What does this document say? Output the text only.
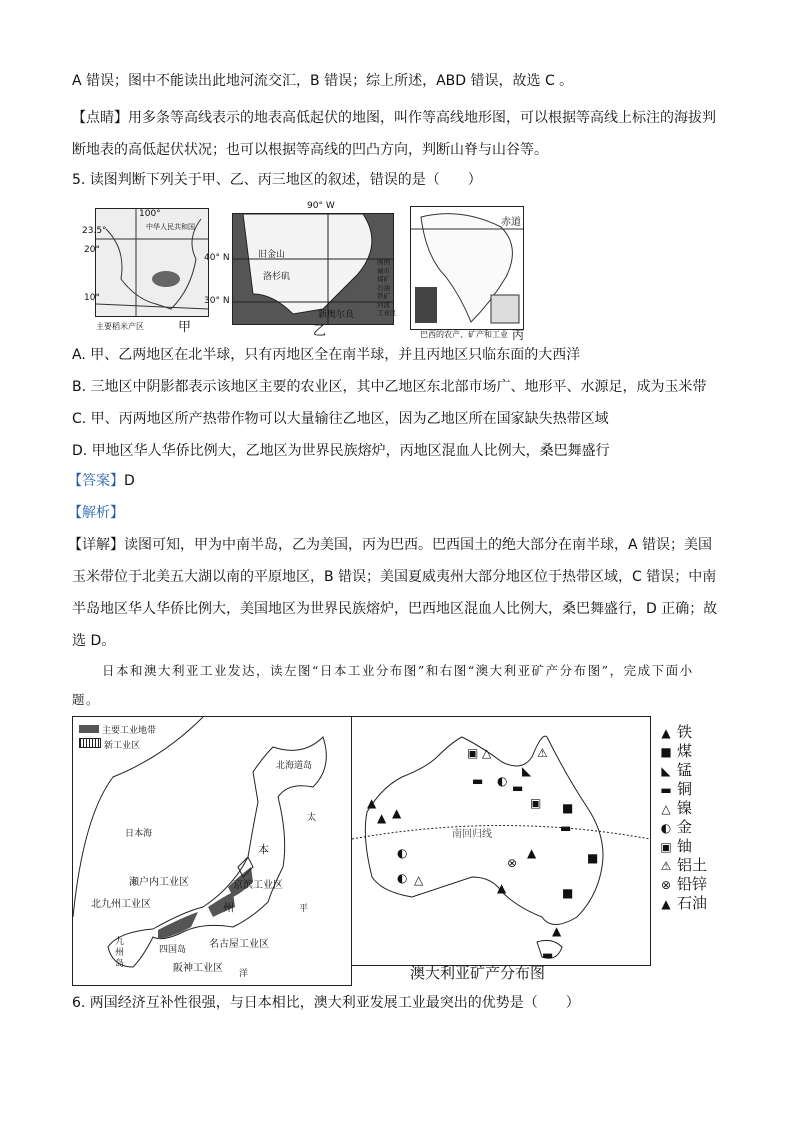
A 错误；图中不能读出此地河流交汇，B 错误；综上所述，ABD 错误，故选 C 。
【点睛】用多条等高线表示的地表高低起伏的地图，叫作等高线地形图，可以根据等高线上标注的海拔判
断地表的高低起伏状况；也可以根据等高线的凹凸方向，判断山脊与山谷等。
5. 读图判断下列关于甲、乙、丙三地区的叙述，错误的是（　　）
100°
中华人民共和国
23.5°
20°
10°
主要稻米产区	甲
旧金山
洛杉矶
新奥尔良
90° W
40° N
30° N
图例
城市
煤矿
石油
铁矿
河流
工业区
乙
赤道
巴西的农产、矿产和工业 丙
A. 甲、乙两地区在北半球，只有丙地区全在南半球，并且丙地区只临东面的大西洋
B. 三地区中阴影都表示该地区主要的农业区，其中乙地区东北部市场广、地形平、水源足，成为玉米带
C. 甲、丙两地区所产热带作物可以大量输往乙地区，因为乙地区所在国家缺失热带区域
D. 甲地区华人华侨比例大，乙地区为世界民族熔炉，丙地区混血人比例大，桑巴舞盛行
【答案】D
【解析】
【详解】读图可知，甲为中南半岛，乙为美国，丙为巴西。巴西国土的绝大部分在南半球，A 错误；美国
玉米带位于北美五大湖以南的平原地区，B 错误；美国夏威夷州大部分地区位于热带区域，C 错误；中南
半岛地区华人华侨比例大，美国地区为世界民族熔炉，巴西地区混血人比例大，桑巴舞盛行，D 正确；故
选 D。
日本和澳大利亚工业发达，读左图“日本工业分布图”和右图“澳大利亚矿产分布图”，完成下面小
题。
主要工业地带
新工业区
北海道岛
日本海
本
州
太
平
洋
瀬户内工业区	京滨工业区
北九州工业区
九州岛
四国岛 名古屋工业区
阪神工业区
▬ ◐
◣
▬
■
▬
▲
▲
▲
◐
◐ △
▲
⊗	■
▲	■
▲
▬
▣ △	⚠
▣
南回归线
澳大利亚矿产分布图
▲ 铁
■ 煤
◣ 锰
▬ 铜
△ 镍
◐ 金
▣ 铀
⚠ 铝土
⊗ 铅锌
▲ 石油
6. 两国经济互补性很强，与日本相比，澳大利亚发展工业最突出的优势是（　　）
